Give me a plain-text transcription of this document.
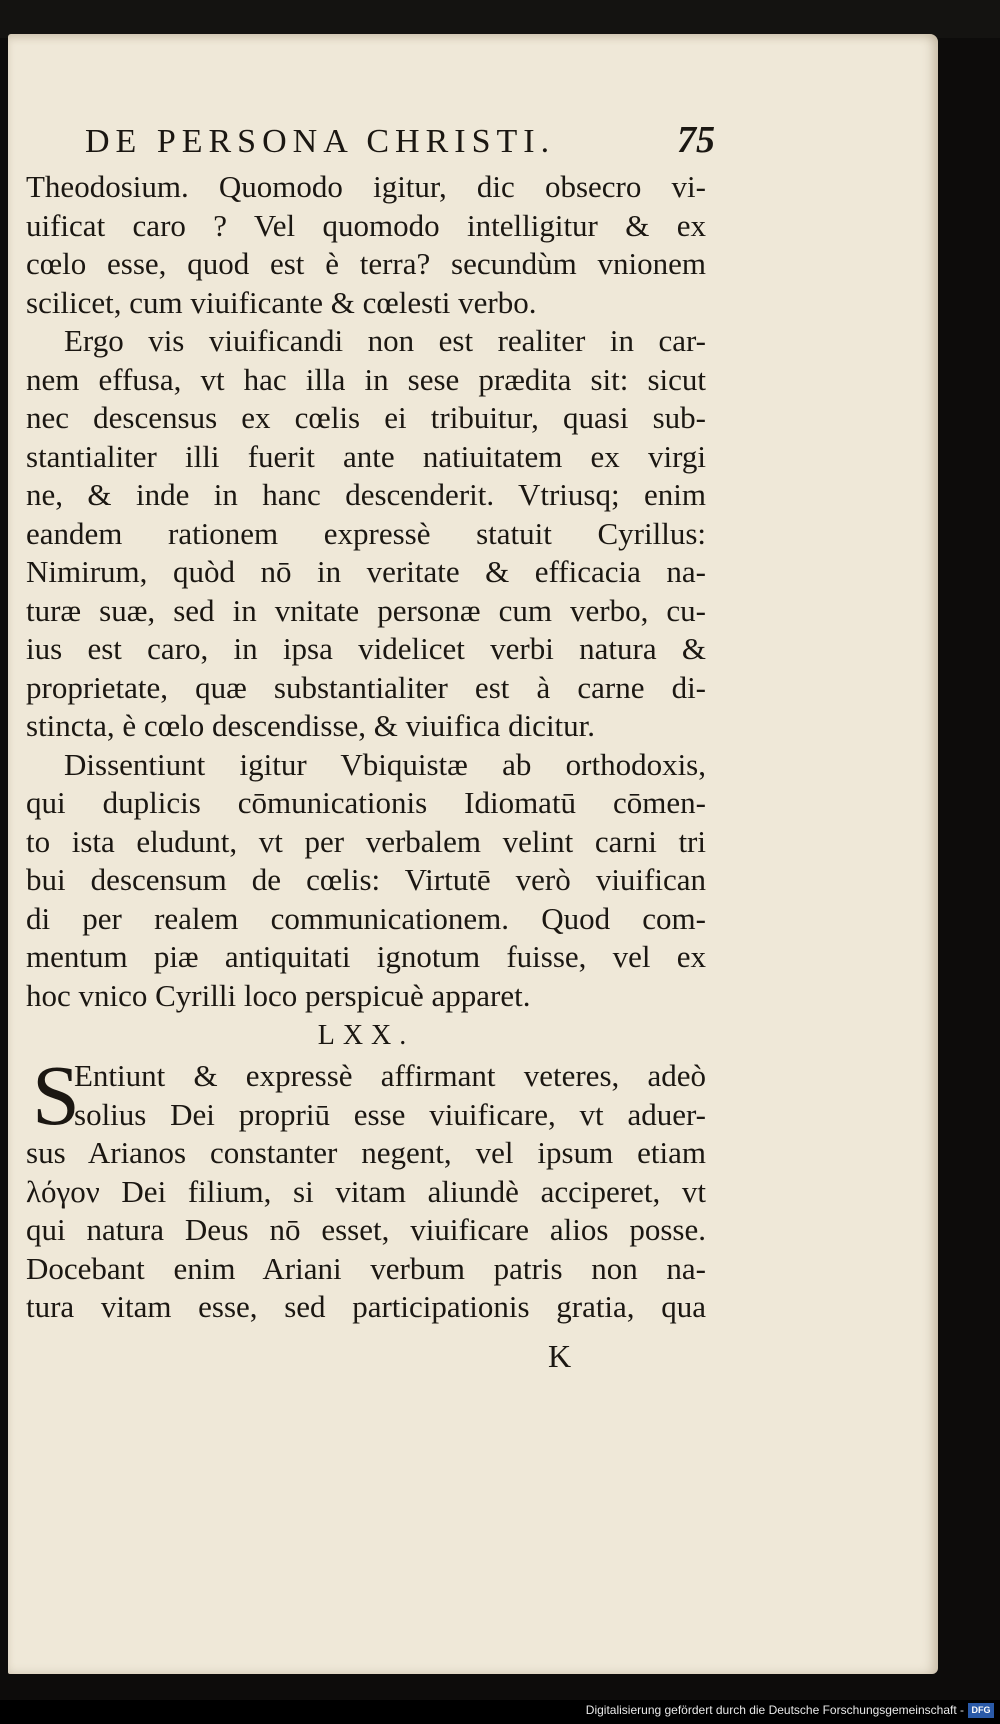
DE PERSONA CHRISTI.	75
Theodosium. Quomodo igitur, dic obsecro vi-
uificat caro ? Vel quomodo intelligitur & ex
cœlo esse, quod est è terra? secundùm vnionem
scilicet, cum viuificante & cœlesti verbo.
Ergo vis viuificandi non est realiter in car-
nem effusa, vt hac illa in sese prædita sit: sicut
nec descensus ex cœlis ei tribuitur, quasi sub-
stantialiter illi fuerit ante natiuitatem ex virgi
ne, & inde in hanc descenderit. Vtriusq; enim
eandem rationem expressè statuit Cyrillus:
Nimirum, quòd nō in veritate & efficacia na-
turæ suæ, sed in vnitate personæ cum verbo, cu-
ius est caro, in ipsa videlicet verbi natura &
proprietate, quæ substantialiter est à carne di-
stincta, è cœlo descendisse, & viuifica dicitur.
Dissentiunt igitur Vbiquistæ ab orthodoxis,
qui duplicis cōmunicationis Idiomatū cōmen-
to ista eludunt, vt per verbalem velint carni tri
bui descensum de cœlis: Virtutē verò viuifican
di per realem communicationem. Quod com-
mentum piæ antiquitati ignotum fuisse, vel ex
hoc vnico Cyrilli loco perspicuè apparet.
LXX.
S
Entiunt & expressè affirmant veteres, adeò
solius Dei propriū esse viuificare, vt aduer-
sus Arianos constanter negent, vel ipsum etiam
λόγον Dei filium, si vitam aliundè acciperet, vt
qui natura Deus nō esset, viuificare alios posse.
Docebant enim Ariani verbum patris non na-
tura vitam esse, sed participationis gratia, qua
K
Digitalisierung gefördert durch die Deutsche Forschungsgemeinschaft - DFG
